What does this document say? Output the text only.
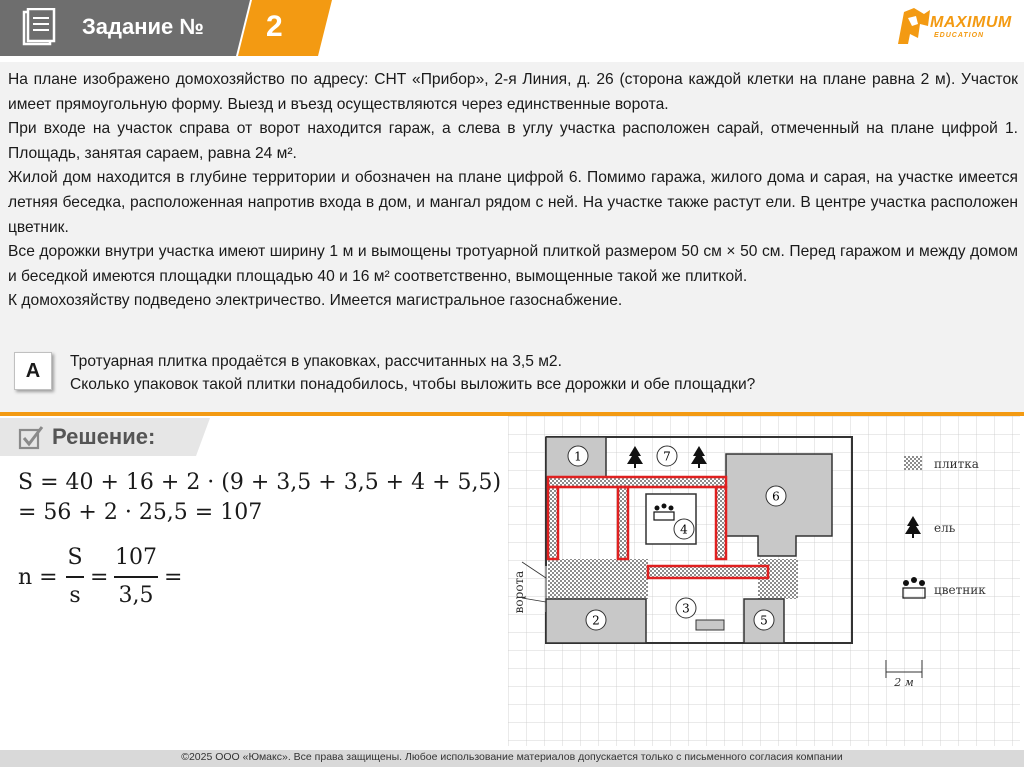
Задание № 2	MAXIMUM
EDUCATION

На плане изображено домохозяйство по адресу: СНТ «Прибор», 2-я Линия, д. 26 (сторона каждой клетки на плане равна 2 м). Участок имеет прямоугольную форму. Выезд и въезд осуществляются через единственные ворота.

При входе на участок справа от ворот находится гараж, а слева в углу участка расположен сарай, отмеченный на плане цифрой 1. Площадь, занятая сараем, равна 24 м².

Жилой дом находится в глубине территории и обозначен на плане цифрой 6. Помимо гаража, жилого дома и сарая, на участке имеется летняя беседка, расположенная напротив входа в дом, и мангал рядом с ней. На участке также растут ели. В центре участка расположен цветник.

Все дорожки внутри участка имеют ширину 1 м и вымощены тротуарной плиткой размером 50 см × 50 см. Перед гаражом и между домом и беседкой имеются площадки площадью 40 и 16 м² соответственно, вымощенные такой же плиткой.

К домохозяйству подведено электричество. Имеется магистральное газоснабжение.

А	Тротуарная плитка продаётся в упаковках, рассчитанных на 3,5 м2.

Сколько упаковок такой плитки понадобилось, чтобы выложить все дорожки и обе площадки?

Решение:
S = 40 + 16 + 2 · (9 + 3,5 + 3,5 + 4 + 5,5)
= 56 + 2 · 25,5 = 107
n =
S
s
=
107
3,5
=	ворота
1	7
6
4
2
3
5
плитка
ель
цветник
2 м
©2025 ООО «Юмакс». Все права защищены. Любое использование материалов допускается только с письменного согласия компании
